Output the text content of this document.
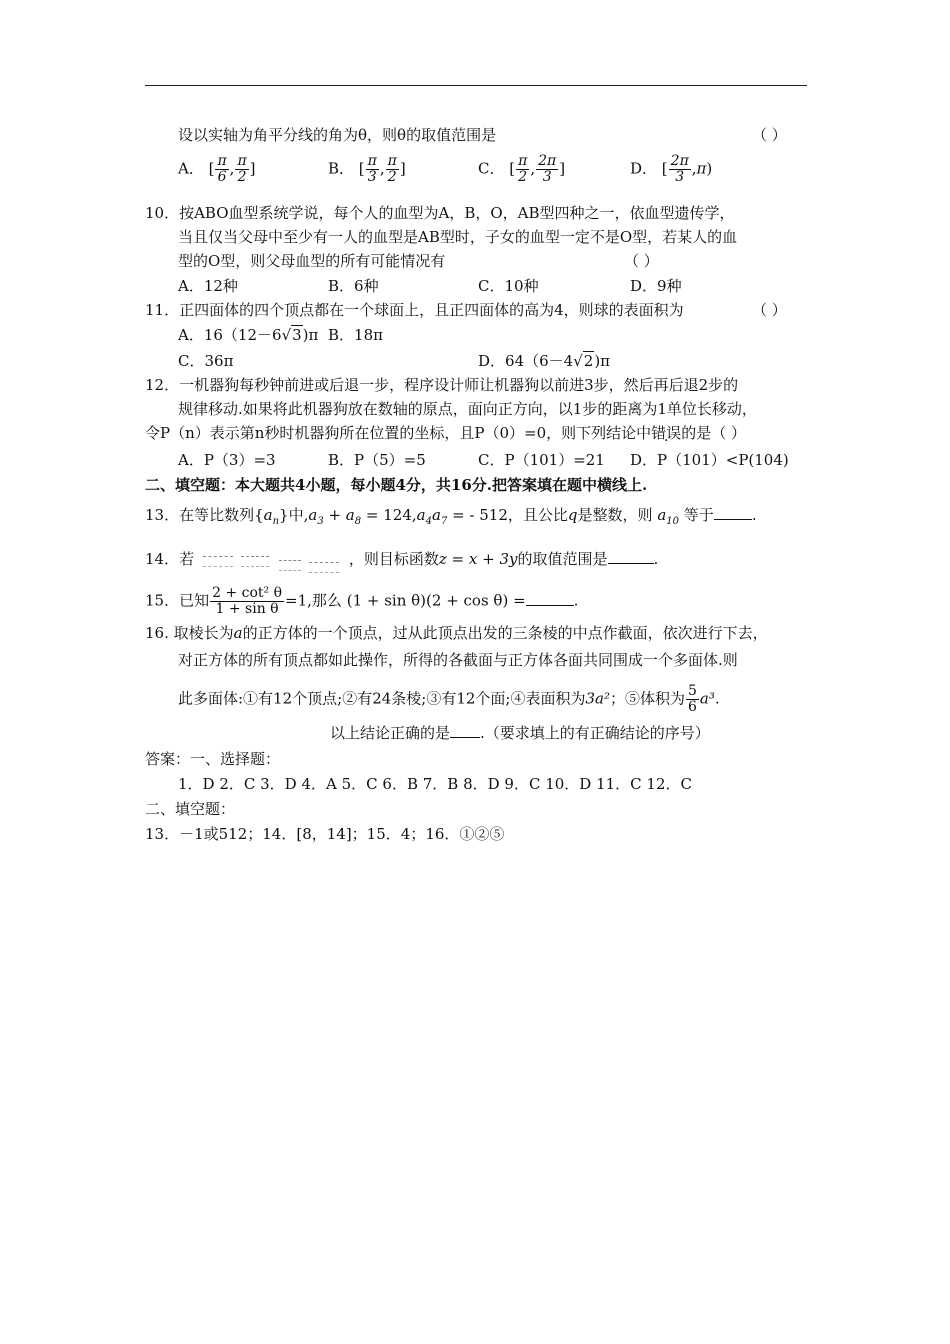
设以实轴为角平分线的角为θ，则θ的取值范围是	（ ）
A． [ $\frac{\pi}{6}$ , $\frac{\pi}{2}$ ]	B． [ $\frac{\pi}{3}$ , $\frac{\pi}{2}$ ]	C． [ $\frac{\pi}{2}$ , $\frac{2\pi}{3}$ ]	D． [ $\frac{2\pi}{3} ,\pi$)
10．按ABO血型系统学说，每个人的血型为A，B，O，AB型四种之一，依血型遗传学，
当且仅当父母中至少有一人的血型是AB型时，子女的血型一定不是O型，若某人的血
型的O型，则父母血型的所有可能情况有	（ ）
A．12种	B．6种	C．10种	D．9种
11．正四面体的四个顶点都在一个球面上，且正四面体的高为4，则球的表面积为	（ ）
A．16（12－6√3)π B．18π
C．36π	D．64（6－4√2)π
12．一机器狗每秒钟前进或后退一步，程序设计师让机器狗以前进3步，然后再后退2步的
规律移动.如果将此机器狗放在数轴的原点，面向正方向，以1步的距离为1单位长移动，
令P（n）表示第n秒时机器狗所在位置的坐标，且P（0）=0，则下列结论中错误的是（ ）
A．P（3）=3	B．P（5）=5	C．P（101）=21 D．P（101）<P(104)
二、填空题：本大题共4小题，每小题4分，共16分.把答案填在题中横线上.
13．在等比数列$\{a_n\}$中$,a_3 + a_8 = 124,a_4a_7$ = - 512，且公比q是整数，则 $a_{10}$ 等于	.
14．若	，则目标函数z = x + 3y的取值范围是	.
15．已知 $\frac{\text{2 + cot² θ}}{\text{1 + sin θ}} =1$,那么 (1 + sin θ)(2 + cos θ) =	.
16. 取棱长为a的正方体的一个顶点，过从此顶点出发的三条棱的中点作截面，依次进行下去，
对正方体的所有顶点都如此操作，所得的各截面与正方体各面共同围成一个多面体.则
此多面体:①有12个顶点;②有24条棱;③有12个面;④表面积为3a²；⑤体积为 $\frac{5}{6} a^3$.
以上结论正确的是 .（要求填上的有正确结论的序号）
答案：一、选择题：
1．D 2．C 3．D 4．A 5．C 6．B 7．B 8．D 9．C 10．D 11．C 12．C
二、填空题：
13．－1或512；14．[8，14]；15．4；16．①②⑤
